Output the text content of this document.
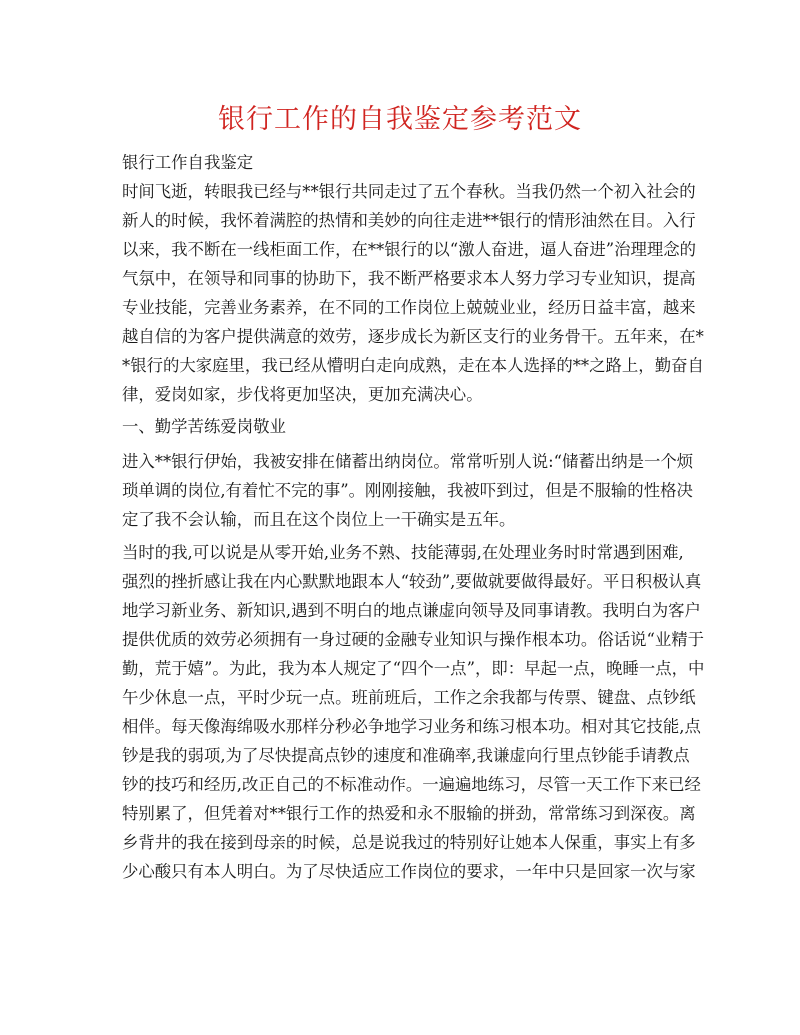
银行工作的自我鉴定参考范文

银行工作自我鉴定

时间飞逝，转眼我已经与**银行共同走过了五个春秋。当我仍然一个初入社会的

新人的时候，我怀着满腔的热情和美妙的向往走进**银行的情形油然在目。入行

以来，我不断在一线柜面工作，在**银行的以“激人奋进，逼人奋进”治理理念的

气氛中，在领导和同事的协助下，我不断严格要求本人努力学习专业知识，提高

专业技能，完善业务素养，在不同的工作岗位上兢兢业业，经历日益丰富，越来

越自信的为客户提供满意的效劳，逐步成长为新区支行的业务骨干。五年来，在*

*银行的大家庭里，我已经从懵明白走向成熟，走在本人选择的**之路上，勤奋自

律，爱岗如家，步伐将更加坚决，更加充满决心。

一、勤学苦练爱岗敬业

进入**银行伊始，我被安排在储蓄出纳岗位。常常听别人说:“储蓄出纳是一个烦

琐单调的岗位,有着忙不完的事”。刚刚接触，我被吓到过，但是不服输的性格决

定了我不会认输，而且在这个岗位上一干确实是五年。

当时的我,可以说是从零开始,业务不熟、技能薄弱,在处理业务时时常遇到困难,

强烈的挫折感让我在内心默默地跟本人“较劲”,要做就要做得最好。平日积极认真

地学习新业务、新知识,遇到不明白的地点谦虚向领导及同事请教。我明白为客户

提供优质的效劳必须拥有一身过硬的金融专业知识与操作根本功。俗话说“业精于

勤，荒于嬉”。为此，我为本人规定了“四个一点”，即：早起一点，晚睡一点，中

午少休息一点，平时少玩一点。班前班后，工作之余我都与传票、键盘、点钞纸

相伴。每天像海绵吸水那样分秒必争地学习业务和练习根本功。相对其它技能,点

钞是我的弱项,为了尽快提高点钞的速度和准确率,我谦虚向行里点钞能手请教点

钞的技巧和经历,改正自己的不标准动作。一遍遍地练习，尽管一天工作下来已经

特别累了，但凭着对**银行工作的热爱和永不服输的拼劲，常常练习到深夜。离

乡背井的我在接到母亲的时候，总是说我过的特别好让她本人保重，事实上有多

少心酸只有本人明白。为了尽快适应工作岗位的要求，一年中只是回家一次与家
